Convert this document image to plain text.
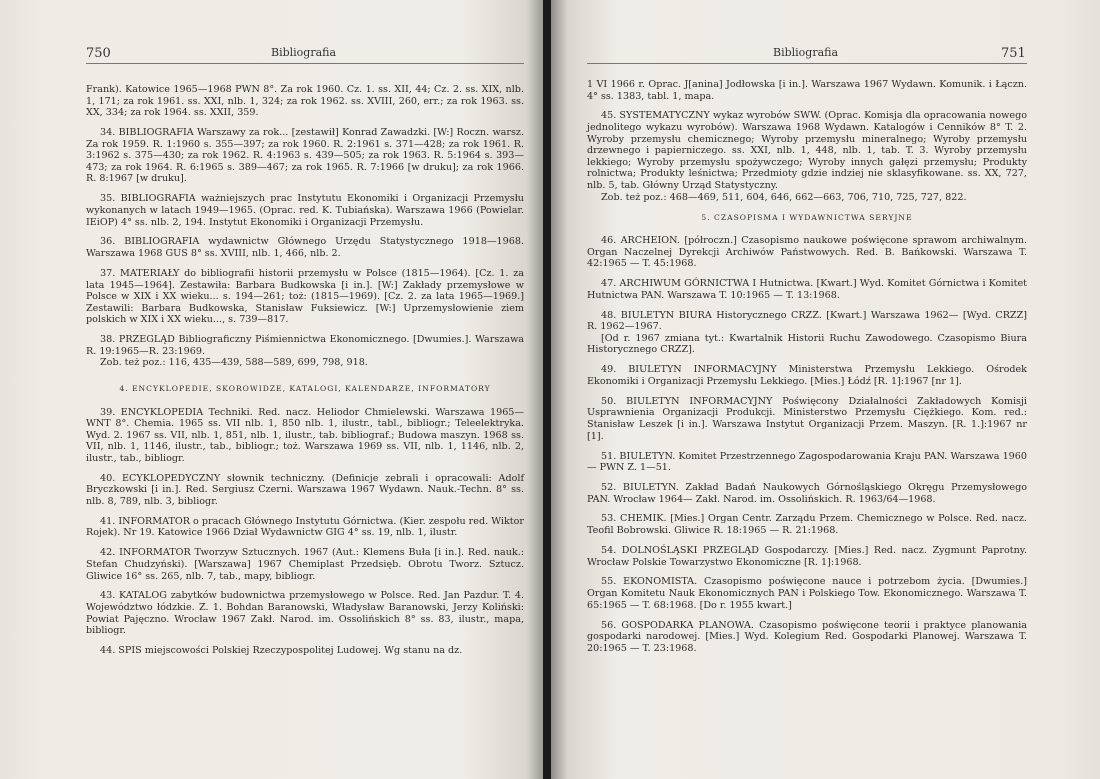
750	Bibliografia

Frank). Katowice 1965—1968 PWN 8°. Za rok 1960. Cz. 1. ss. XII, 44; Cz. 2. ss. XIX, nlb. 1, 171; za rok 1961. ss. XXI, nlb. 1, 324; za rok 1962. ss. XVIII, 260, err.; za rok 1963. ss. XX, 334; za rok 1964. ss. XXII, 359.

34. BIBLIOGRAFIA Warszawy za rok... [zestawił] Konrad Zawadzki. [W:] Roczn. warsz. Za rok 1959. R. 1:1960 s. 355—397; za rok 1960. R. 2:1961 s. 371—428; za rok 1961. R. 3:1962 s. 375—430; za rok 1962. R. 4:1963 s. 439—505; za rok 1963. R. 5:1964 s. 393—473; za rok 1964. R. 6:1965 s. 389—467; za rok 1965. R. 7:1966 [w druku]; za rok 1966. R. 8:1967 [w druku].

35. BIBLIOGRAFIA ważniejszych prac Instytutu Ekonomiki i Organizacji Przemysłu wykonanych w latach 1949—1965. (Oprac. red. K. Tubiańska). Warszawa 1966 (Powielar. IEiOP) 4° ss. nlb. 2, 194. Instytut Ekonomiki i Organizacji Przemysłu.

36. BIBLIOGRAFIA wydawnictw Głównego Urzędu Statystycznego 1918—1968. Warszawa 1968 GUS 8° ss. XVIII, nlb. 1, 466, nlb. 2.

37. MATERIAŁY do bibliografii historii przemysłu w Polsce (1815—1964). [Cz. 1. za lata 1945—1964]. Zestawiła: Barbara Budkowska [i in.]. [W:] Zakłady przemysłowe w Polsce w XIX i XX wieku... s. 194—261; toż: (1815—1969). [Cz. 2. za lata 1965—1969.] Zestawili: Barbara Budkowska, Stanisław Fuksiewicz. [W:] Uprzemysłowienie ziem polskich w XIX i XX wieku..., s. 739—817.

38. PRZEGLĄD Bibliograficzny Piśmiennictwa Ekonomicznego. [Dwumies.]. Warszawa R. 19:1965—R. 23:1969.

Zob. też poz.: 116, 435—439, 588—589, 699, 798, 918.

4. ENCYKLOPEDIE, SKOROWIDZE, KATALOGI, KALENDARZE, INFORMATORY

39. ENCYKLOPEDIA Techniki. Red. nacz. Heliodor Chmielewski. Warszawa 1965— WNT 8°. Chemia. 1965 ss. VII nlb. 1, 850 nlb. 1, ilustr., tabl., bibliogr.; Teleelektryka. Wyd. 2. 1967 ss. VII, nlb. 1, 851, nlb. 1, ilustr., tab. bibliograf.; Budowa maszyn. 1968 ss. VII, nlb. 1, 1146, ilustr., tab., bibliogr.; toż. Warszawa 1969 ss. VII, nlb. 1, 1146, nlb. 2, ilustr., tab., bibliogr.

40. ECYKLOPEDYCZNY słownik techniczny. (Definicje zebrali i opracowali: Adolf Bryczkowski [i in.]. Red. Sergiusz Czerni. Warszawa 1967 Wydawn. Nauk.-Techn. 8° ss. nlb. 8, 789, nlb. 3, bibliogr.

41. INFORMATOR o pracach Głównego Instytutu Górnictwa. (Kier. zespołu red. Wiktor Rojek). Nr 19. Katowice 1966 Dział Wydawnictw GIG 4° ss. 19, nlb. 1, ilustr.

42. INFORMATOR Tworzyw Sztucznych. 1967 (Aut.: Klemens Buła [i in.]. Red. nauk.: Stefan Chudzyński). [Warszawa] 1967 Chemiplast Przedsięb. Obrotu Tworz. Sztucz. Gliwice 16° ss. 265, nlb. 7, tab., mapy, bibliogr.

43. KATALOG zabytków budownictwa przemysłowego w Polsce. Red. Jan Pazdur. T. 4. Województwo łódzkie. Z. 1. Bohdan Baranowski, Władysław Baranowski, Jerzy Koliński: Powiat Pajęczno. Wrocław 1967 Zakł. Narod. im. Ossolińskich 8° ss. 83, ilustr., mapa, bibliogr.

44. SPIS miejscowości Polskiej Rzeczypospolitej Ludowej. Wg stanu na dz.

Bibliografia	751

1 VI 1966 r. Oprac. J[anina] Jodłowska [i in.]. Warszawa 1967 Wydawn. Komunik. i Łączn. 4° ss. 1383, tabl. 1, mapa.

45. SYSTEMATYCZNY wykaz wyrobów SWW. (Oprac. Komisja dla opracowania nowego jednolitego wykazu wyrobów). Warszawa 1968 Wydawn. Katalogów i Cenników 8° T. 2. Wyroby przemysłu chemicznego; Wyroby przemysłu mineralnego; Wyroby przemysłu drzewnego i papierniczego. ss. XXI, nlb. 1, 448, nlb. 1, tab. T. 3. Wyroby przemysłu lekkiego; Wyroby przemysłu spożywczego; Wyroby innych gałęzi przemysłu; Produkty rolnictwa; Produkty leśnictwa; Przedmioty gdzie indziej nie sklasyfikowane. ss. XX, 727, nlb. 5, tab. Główny Urząd Statystyczny.

Zob. też poz.: 468—469, 511, 604, 646, 662—663, 706, 710, 725, 727, 822.

5. CZASOPISMA I WYDAWNICTWA SERYJNE

46. ARCHEION. [półroczn.] Czasopismo naukowe poświęcone sprawom archiwalnym. Organ Naczelnej Dyrekcji Archiwów Państwowych. Red. B. Bańkowski. Warszawa T. 42:1965 — T. 45:1968.

47. ARCHIWUM GÓRNICTWA I Hutnictwa. [Kwart.] Wyd. Komitet Górnictwa i Komitet Hutnictwa PAN. Warszawa T. 10:1965 — T. 13:1968.

48. BIULETYN BIURA Historycznego CRZZ. [Kwart.] Warszawa 1962— [Wyd. CRZZ] R. 1962—1967.

[Od r. 1967 zmiana tyt.: Kwartalnik Historii Ruchu Zawodowego. Czasopismo Biura Historycznego CRZZ].

49. BIULETYN INFORMACYJNY Ministerstwa Przemysłu Lekkiego. Ośrodek Ekonomiki i Organizacji Przemysłu Lekkiego. [Mies.] Łódź [R. 1]:1967 [nr 1].

50. BIULETYN INFORMACYJNY Poświęcony Działalności Zakładowych Komisji Usprawnienia Organizacji Produkcji. Ministerstwo Przemysłu Ciężkiego. Kom. red.: Stanisław Leszek [i in.]. Warszawa Instytut Organizacji Przem. Maszyn. [R. 1.]:1967 nr [1].

51. BIULETYN. Komitet Przestrzennego Zagospodarowania Kraju PAN. Warszawa 1960— PWN Z. 1—51.

52. BIULETYN. Zakład Badań Naukowych Górnośląskiego Okręgu Przemysłowego PAN. Wrocław 1964— Zakł. Narod. im. Ossolińskich. R. 1963/64—1968.

53. CHEMIK. [Mies.] Organ Centr. Zarządu Przem. Chemicznego w Polsce. Red. nacz. Teofil Bobrowski. Gliwice R. 18:1965 — R. 21:1968.

54. DOLNOŚLĄSKI PRZEGLĄD Gospodarczy. [Mies.] Red. nacz. Zygmunt Paprotny. Wrocław Polskie Towarzystwo Ekonomiczne [R. 1]:1968.

55. EKONOMISTA. Czasopismo poświęcone nauce i potrzebom życia. [Dwumies.] Organ Komitetu Nauk Ekonomicznych PAN i Polskiego Tow. Ekonomicznego. Warszawa T. 65:1965 — T. 68:1968. [Do r. 1955 kwart.]

56. GOSPODARKA PLANOWA. Czasopismo poświęcone teorii i praktyce planowania gospodarki narodowej. [Mies.] Wyd. Kolegium Red. Gospodarki Planowej. Warszawa T. 20:1965 — T. 23:1968.
